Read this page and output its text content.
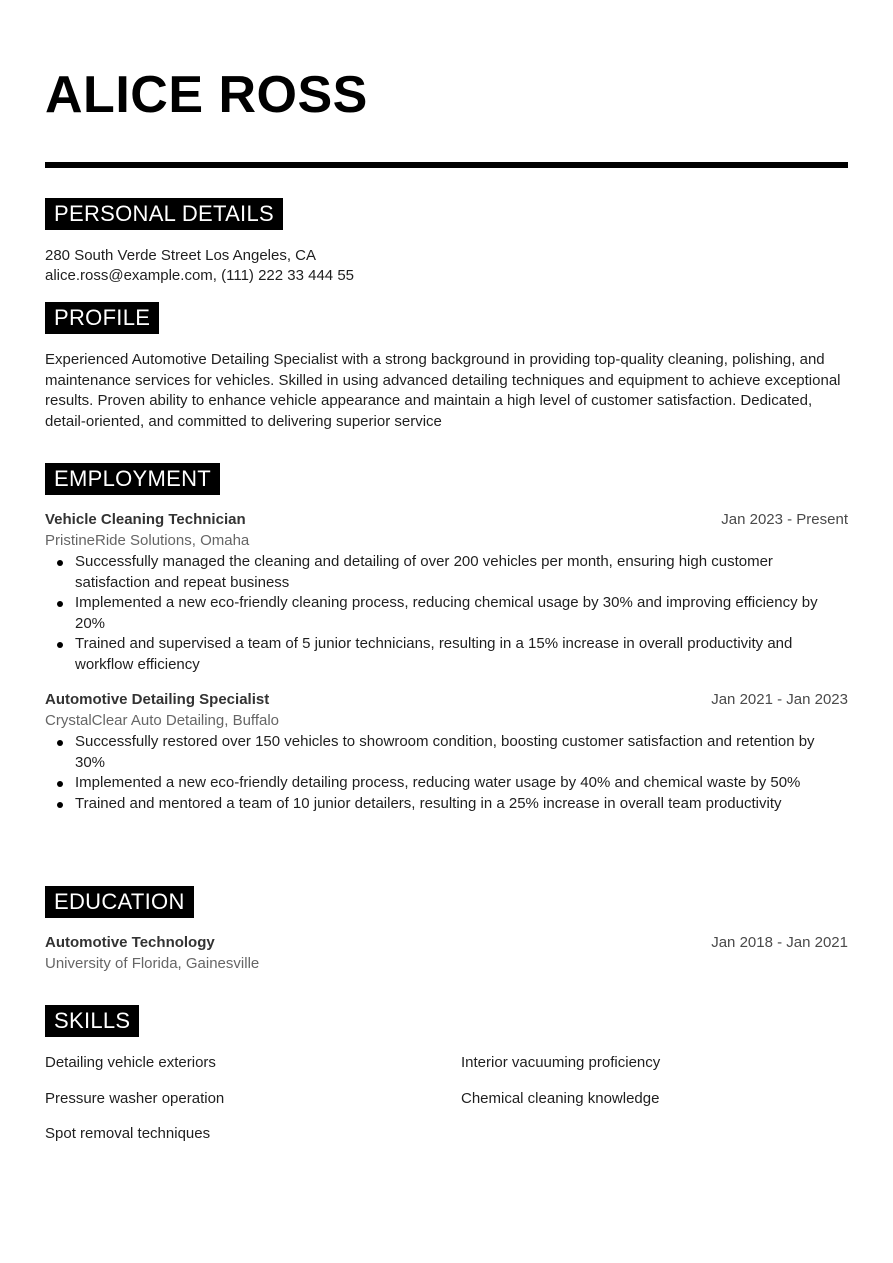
ALICE ROSS
PERSONAL DETAILS
280 South Verde Street Los Angeles, CA
alice.ross@example.com, (111) 222 33 444 55
PROFILE
Experienced Automotive Detailing Specialist with a strong background in providing top-quality cleaning, polishing, and maintenance services for vehicles. Skilled in using advanced detailing techniques and equipment to achieve exceptional results. Proven ability to enhance vehicle appearance and maintain a high level of customer satisfaction. Dedicated, detail-oriented, and committed to delivering superior service
EMPLOYMENT
Vehicle Cleaning Technician	Jan 2023 - Present
PristineRide Solutions, Omaha
Successfully managed the cleaning and detailing of over 200 vehicles per month, ensuring high customer satisfaction and repeat business
Implemented a new eco-friendly cleaning process, reducing chemical usage by 30% and improving efficiency by 20%
Trained and supervised a team of 5 junior technicians, resulting in a 15% increase in overall productivity and workflow efficiency
Automotive Detailing Specialist	Jan 2021 - Jan 2023
CrystalClear Auto Detailing, Buffalo
Successfully restored over 150 vehicles to showroom condition, boosting customer satisfaction and retention by 30%
Implemented a new eco-friendly detailing process, reducing water usage by 40% and chemical waste by 50%
Trained and mentored a team of 10 junior detailers, resulting in a 25% increase in overall team productivity
EDUCATION
Automotive Technology	Jan 2018 - Jan 2021
University of Florida, Gainesville
SKILLS
Detailing vehicle exteriors	Interior vacuuming proficiency
Pressure washer operation	Chemical cleaning knowledge
Spot removal techniques
